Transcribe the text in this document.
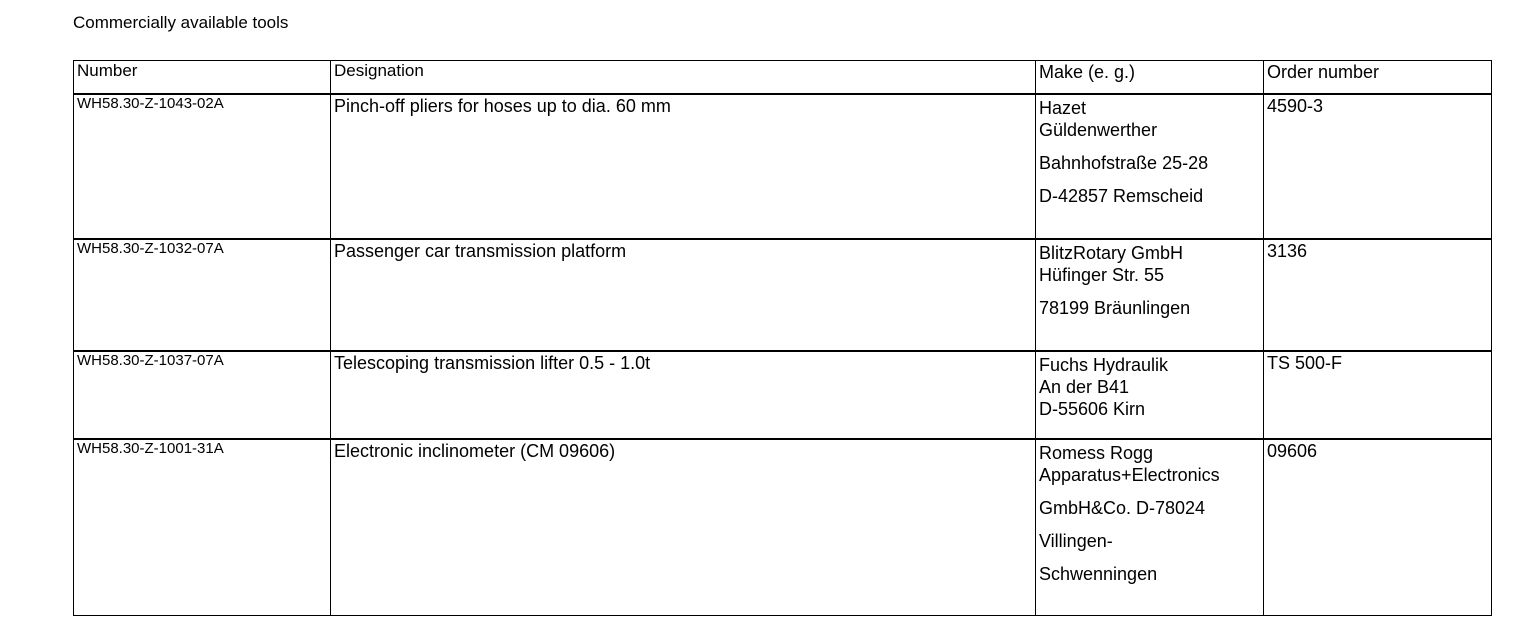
Commercially available tools
Number	Designation	Make (e. g.)	Order number
WH58.30-Z-1043-02A	Pinch-off pliers for hoses up to dia. 60 mm	Hazet
Güldenwerther
Bahnhofstraße 25-28
D-42857 Remscheid	4590-3
WH58.30-Z-1032-07A	Passenger car transmission platform	BlitzRotary GmbH
Hüfinger Str. 55
78199 Bräunlingen	3136
WH58.30-Z-1037-07A	Telescoping transmission lifter 0.5 - 1.0t	Fuchs Hydraulik
An der B41
D-55606 Kirn	TS 500-F
WH58.30-Z-1001-31A	Electronic inclinometer (CM 09606)	Romess Rogg
Apparatus+Electronics
GmbH&Co. D-78024
Villingen-
Schwenningen	09606
